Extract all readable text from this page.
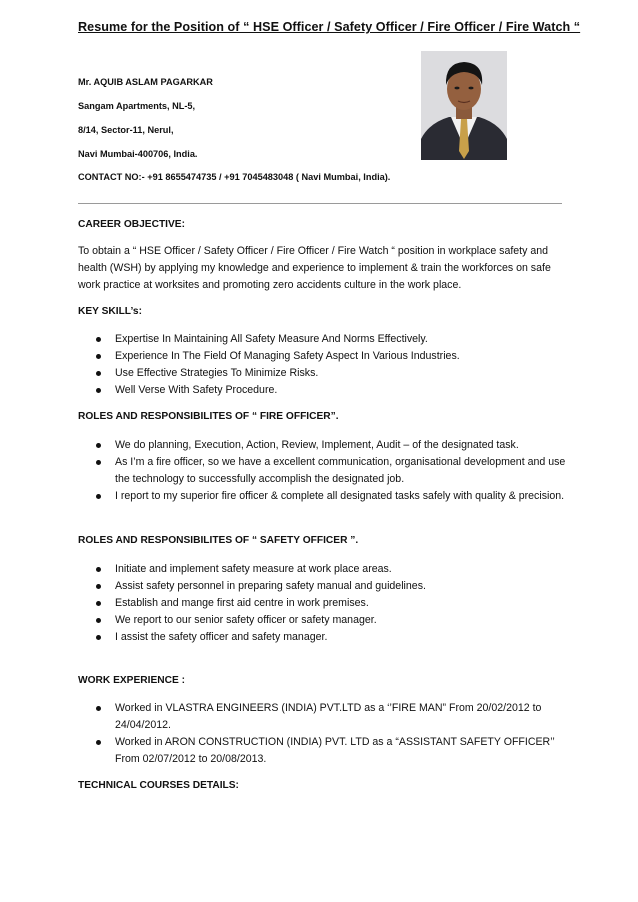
Resume for the Position of “ HSE Officer / Safety Officer / Fire Officer / Fire Watch “
Mr. AQUIB ASLAM PAGARKAR
Sangam Apartments, NL-5,
8/14, Sector-11, Nerul,
Navi Mumbai-400706, India.
CONTACT NO:- +91 8655474735 / +91 7045483048 ( Navi Mumbai, India).
CAREER OBJECTIVE:
To obtain a “ HSE Officer / Safety Officer / Fire Officer / Fire Watch “ position in workplace safety and health (WSH) by applying my knowledge and experience to implement & train the workforces on safe work practice at worksites and promoting zero accidents culture in the work place.
KEY SKILL’s:
Expertise In Maintaining All Safety Measure And Norms Effectively.
Experience In The Field Of Managing Safety Aspect In Various Industries.
Use Effective Strategies To Minimize Risks.
Well Verse With Safety Procedure.
ROLES AND RESPONSIBILITES OF “ FIRE OFFICER”.
We do planning, Execution, Action, Review, Implement, Audit – of the designated task.
As I’m a fire officer, so we have a excellent communication, organisational development and use the technology to successfully accomplish the designated job.
I report to my superior fire officer & complete all designated tasks safely with quality & precision.
ROLES AND RESPONSIBILITES OF “ SAFETY OFFICER ”.
Initiate and implement safety measure at work place areas.
Assist safety personnel in preparing safety manual and guidelines.
Establish and mange first aid centre in work premises.
We report to our senior safety officer or safety manager.
I assist the safety officer and safety manager.
WORK EXPERIENCE :
Worked in VLASTRA ENGINEERS (INDIA) PVT.LTD as a ‘’FIRE MAN” From 20/02/2012 to 24/04/2012.
Worked in ARON CONSTRUCTION (INDIA) PVT. LTD as a “ASSISTANT SAFETY OFFICER’’ From 02/07/2012 to 20/08/2013.
TECHNICAL COURSES DETAILS:
